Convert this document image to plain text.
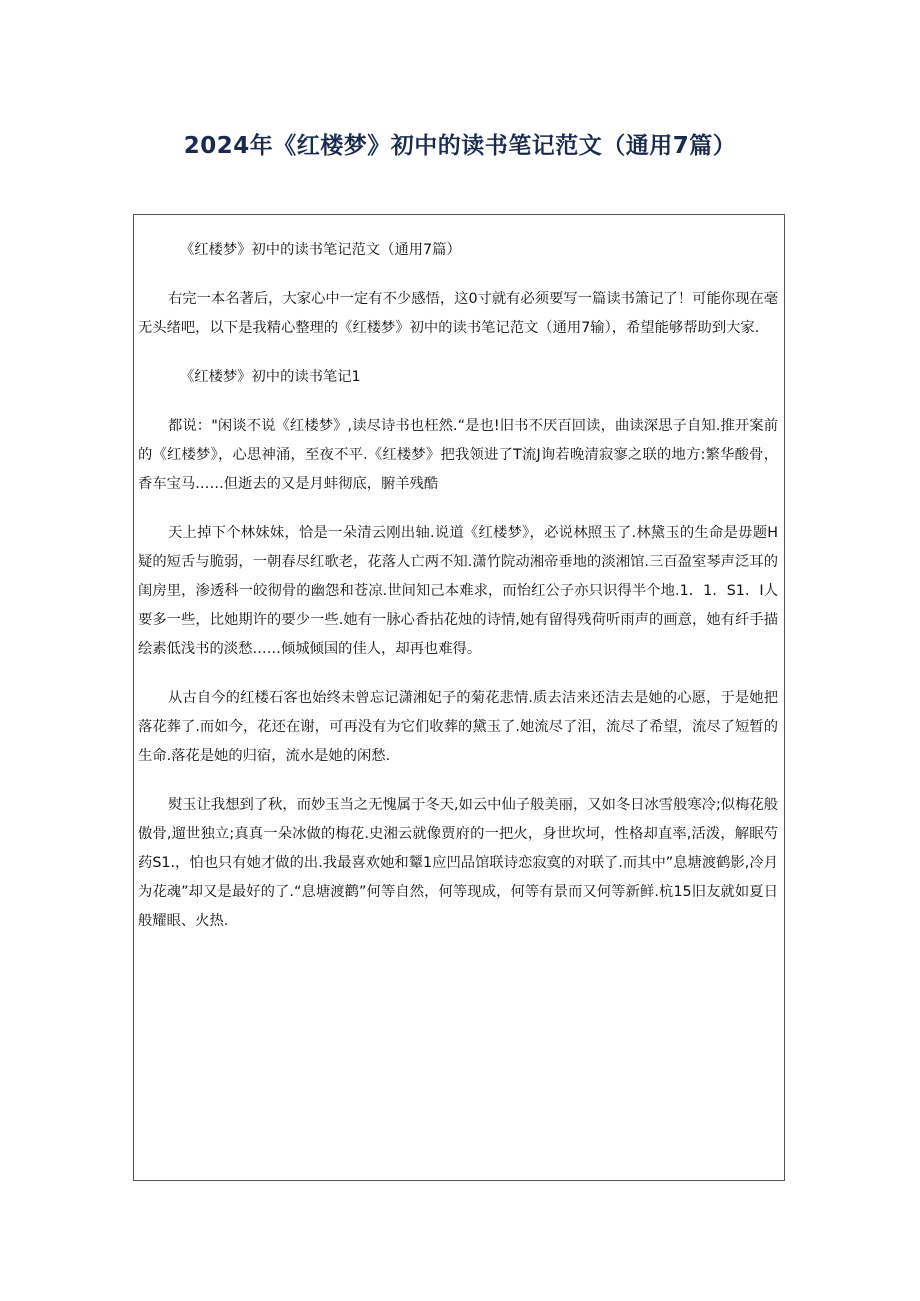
2024年《红楼梦》初中的读书笔记范文（通用7篇）

《红楼梦》初中的读书笔记范文（通用7篇）

右完一本名著后，大家心中一定有不少感悟，这0寸就有必须要写一篇读书箫记了！可能你现在毫无头绪吧，以下是我精心整理的《红楼梦》初中的读书笔记范文（通用7输），希望能够帮助到大家.

《红楼梦》初中的读书笔记1

都说："闲谈不说《红楼梦》,读尽诗书也枉然.“是也!旧书不厌百回读，曲读深思子自知.推开案前的《红楼梦》，心思神涌，至夜不平.《红楼梦》把我领进了T流J询若晚清寂寥之联的地方:繁华酸骨，香车宝马……但逝去的又是月蚌彻底，腑羊残酷

天上掉下个林妹妹，恰是一朵清云刚出轴.说道《红楼梦》，必说林照玉了.林黛玉的生命是毋题H疑的短舌与脆弱，一朝春尽红歌老，花落人亡两不知.潇竹院动湘帝垂地的淡湘馆.三百盈室琴声泛耳的闺房里，渗透科一皎彻骨的幽怨和苍凉.世间知己本难求，而怡红公子亦只识得半个地.1．1．S1．I人要多一些，比她期许的要少一些.她有一脉心香拈花烛的诗情,她有留得残荷听雨声的画意，她有纤手描绘素低浅书的淡愁……倾城倾国的佳人，却再也难得。

从古自今的红楼石客也始终未曾忘记潇湘妃子的菊花悲情.质去洁来还洁去是她的心愿，于是她把落花葬了.而如今，花还在谢，可再没有为它们收葬的黛玉了.她流尽了泪，流尽了希望，流尽了短暂的生命.落花是她的归宿，流水是她的闲愁.

熨玉让我想到了秋，而妙玉当之无愧属于冬天,如云中仙子般美丽，又如冬日冰雪般寒冷;似梅花般傲骨,遛世独立;真真一朵冰做的梅花.史湘云就像贾府的一把火，身世坎坷，性格却直率,活泼，解眠芍药S1.，怕也只有她才做的出.我最喜欢她和颦1应凹品馆联诗恋寂寞的对联了.而其中”息塘渡鹤影,冷月为花魂”却又是最好的了.“息塘渡鹳”何等自然，何等现成，何等有景而又何等新鲜.杭15旧友就如夏日般耀眼、火热.
